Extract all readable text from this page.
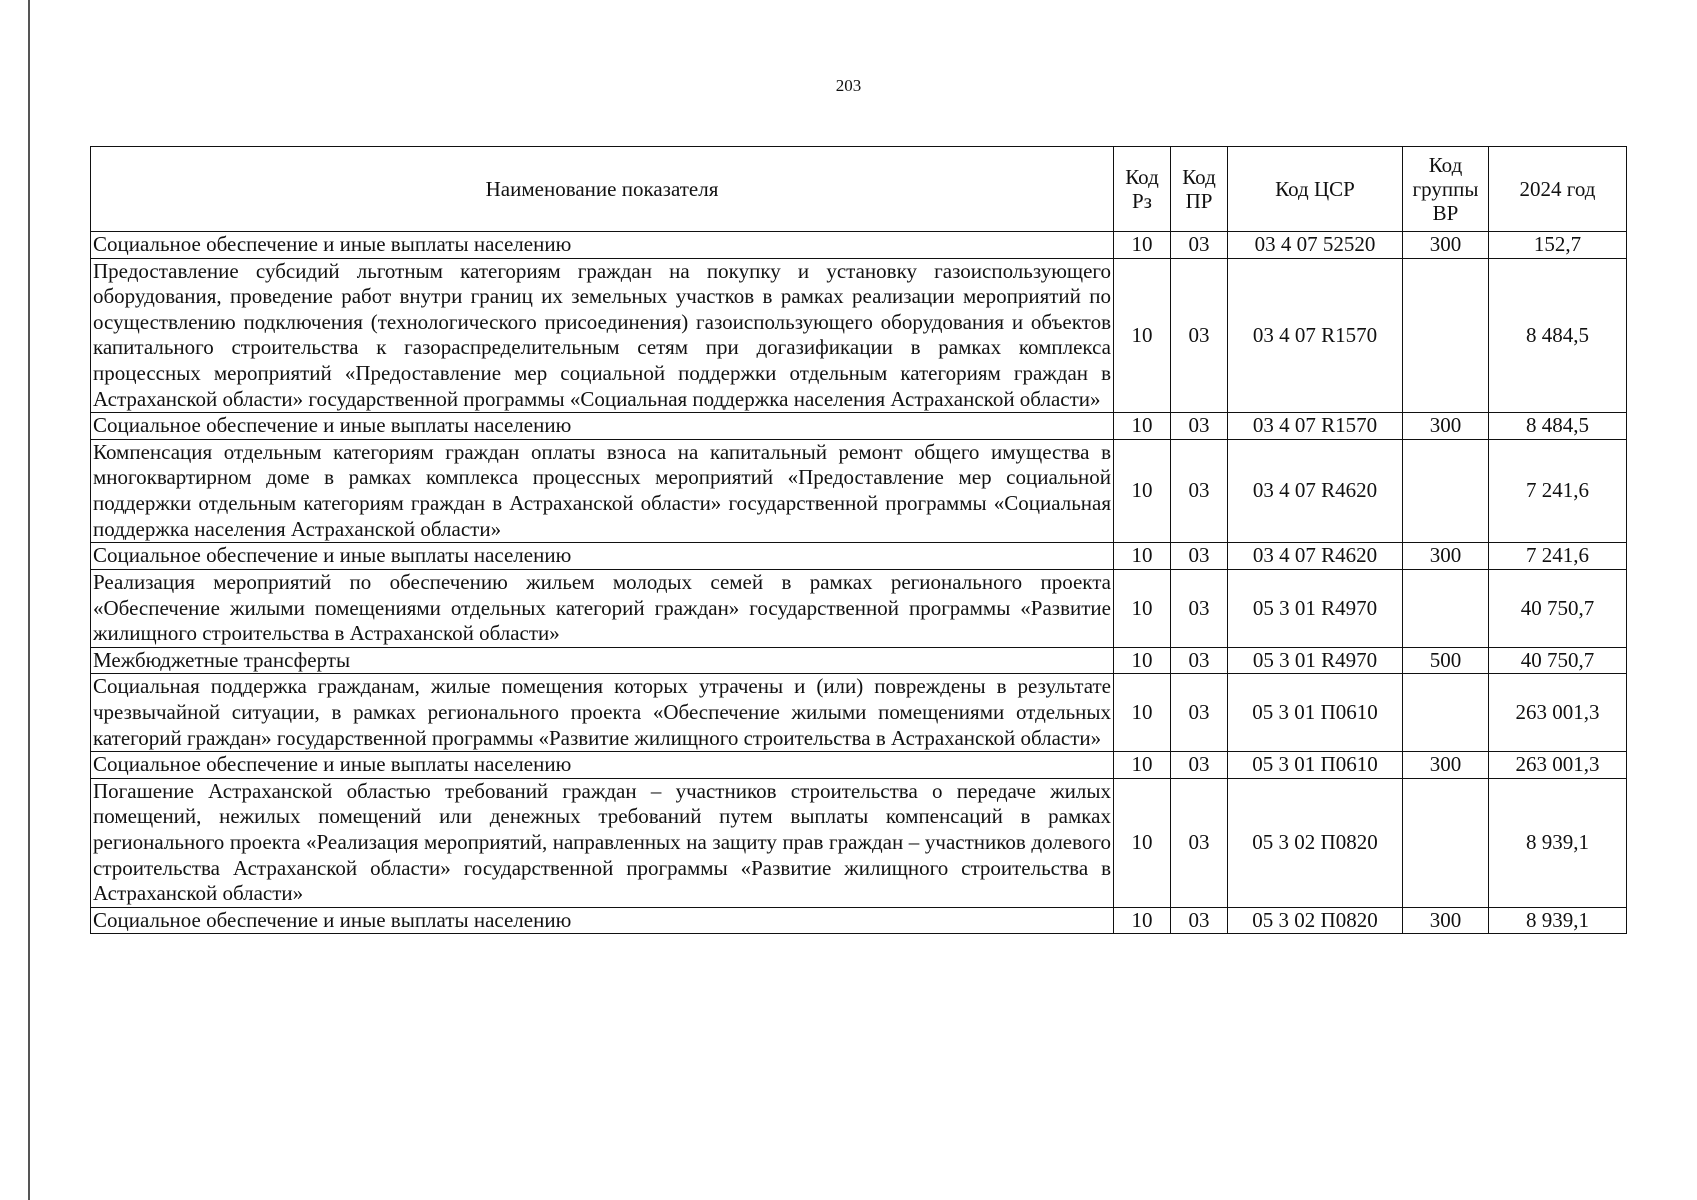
203
Наименование показателя	Код Рз	Код ПР	Код ЦСР	Код группы ВР	2024 год
Социальное обеспечение и иные выплаты населению	10	03	03 4 07 52520	300	152,7
Предоставление субсидий льготным категориям граждан на покупку и установку газоиспользующего оборудования, проведение работ внутри границ их земельных участков в рамках реализации мероприятий по осуществлению подключения (технологического присоединения) газоиспользующего оборудования и объектов капитального строительства к газораспределительным сетям при догазификации в рамках комплекса процессных мероприятий «Предоставление мер социальной поддержки отдельным категориям граждан в Астраханской области» государственной программы «Социальная поддержка населения Астраханской области»	10	03	03 4 07 R1570		8 484,5
Социальное обеспечение и иные выплаты населению	10	03	03 4 07 R1570	300	8 484,5
Компенсация отдельным категориям граждан оплаты взноса на капитальный ремонт общего имущества в многоквартирном доме в рамках комплекса процессных мероприятий «Предоставление мер социальной поддержки отдельным категориям граждан в Астраханской области» государственной программы «Социальная поддержка населения Астраханской области»	10	03	03 4 07 R4620		7 241,6
Социальное обеспечение и иные выплаты населению	10	03	03 4 07 R4620	300	7 241,6
Реализация мероприятий по обеспечению жильем молодых семей в рамках регионального проекта «Обеспечение жилыми помещениями отдельных категорий граждан» государственной программы «Развитие жилищного строительства в Астраханской области»	10	03	05 3 01 R4970		40 750,7
Межбюджетные трансферты	10	03	05 3 01 R4970	500	40 750,7
Социальная поддержка гражданам, жилые помещения которых утрачены и (или) повреждены в результате чрезвычайной ситуации, в рамках регионального проекта «Обеспечение жилыми помещениями отдельных категорий граждан» государственной программы «Развитие жилищного строительства в Астраханской области»	10	03	05 3 01 П0610		263 001,3
Социальное обеспечение и иные выплаты населению	10	03	05 3 01 П0610	300	263 001,3
Погашение Астраханской областью требований граждан – участников строительства о передаче жилых помещений, нежилых помещений или денежных требований путем выплаты компенсаций в рамках регионального проекта «Реализация мероприятий, направленных на защиту прав граждан – участников долевого строительства Астраханской области» государственной программы «Развитие жилищного строительства в Астраханской области»	10	03	05 3 02 П0820		8 939,1
Социальное обеспечение и иные выплаты населению	10	03	05 3 02 П0820	300	8 939,1
